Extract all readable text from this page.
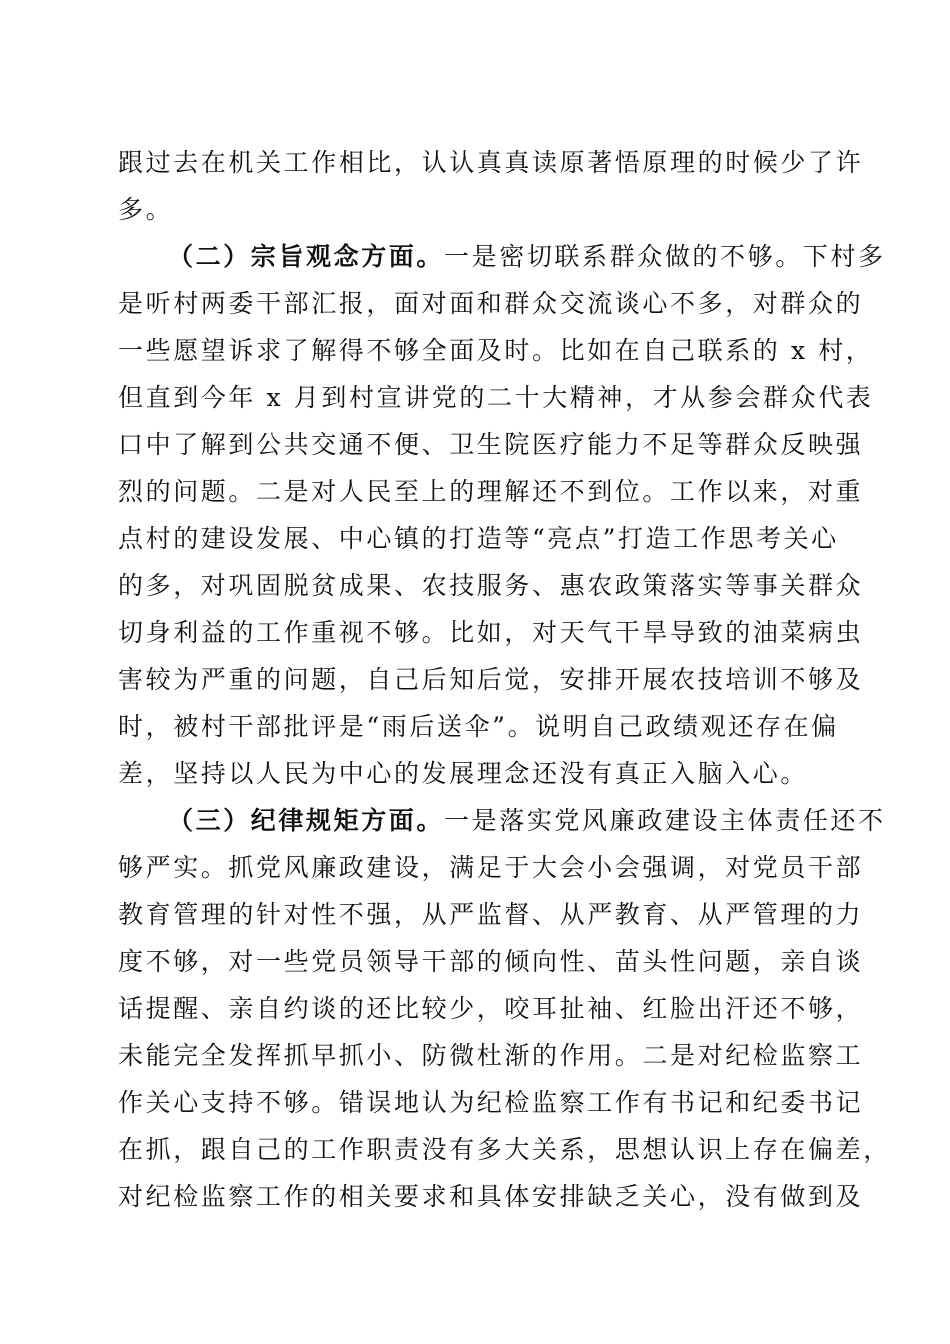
跟过去在机关工作相比，认认真真读原著悟原理的时候少了许
多。
（二）宗旨观念方面。一是密切联系群众做的不够。下村多
是听村两委干部汇报，面对面和群众交流谈心不多，对群众的
一些愿望诉求了解得不够全面及时。比如在自己联系的 x 村，
但直到今年 x 月到村宣讲党的二十大精神，才从参会群众代表
口中了解到公共交通不便、卫生院医疗能力不足等群众反映强
烈的问题。二是对人民至上的理解还不到位。工作以来，对重
点村的建设发展、中心镇的打造等“亮点”打造工作思考关心
的多，对巩固脱贫成果、农技服务、惠农政策落实等事关群众
切身利益的工作重视不够。比如，对天气干旱导致的油菜病虫
害较为严重的问题，自己后知后觉，安排开展农技培训不够及
时，被村干部批评是“雨后送伞”。说明自己政绩观还存在偏
差，坚持以人民为中心的发展理念还没有真正入脑入心。
（三）纪律规矩方面。一是落实党风廉政建设主体责任还不
够严实。抓党风廉政建设，满足于大会小会强调，对党员干部
教育管理的针对性不强，从严监督、从严教育、从严管理的力
度不够，对一些党员领导干部的倾向性、苗头性问题，亲自谈
话提醒、亲自约谈的还比较少，咬耳扯袖、红脸出汗还不够，
未能完全发挥抓早抓小、防微杜渐的作用。二是对纪检监察工
作关心支持不够。错误地认为纪检监察工作有书记和纪委书记
在抓，跟自己的工作职责没有多大关系，思想认识上存在偏差，
对纪检监察工作的相关要求和具体安排缺乏关心，没有做到及
